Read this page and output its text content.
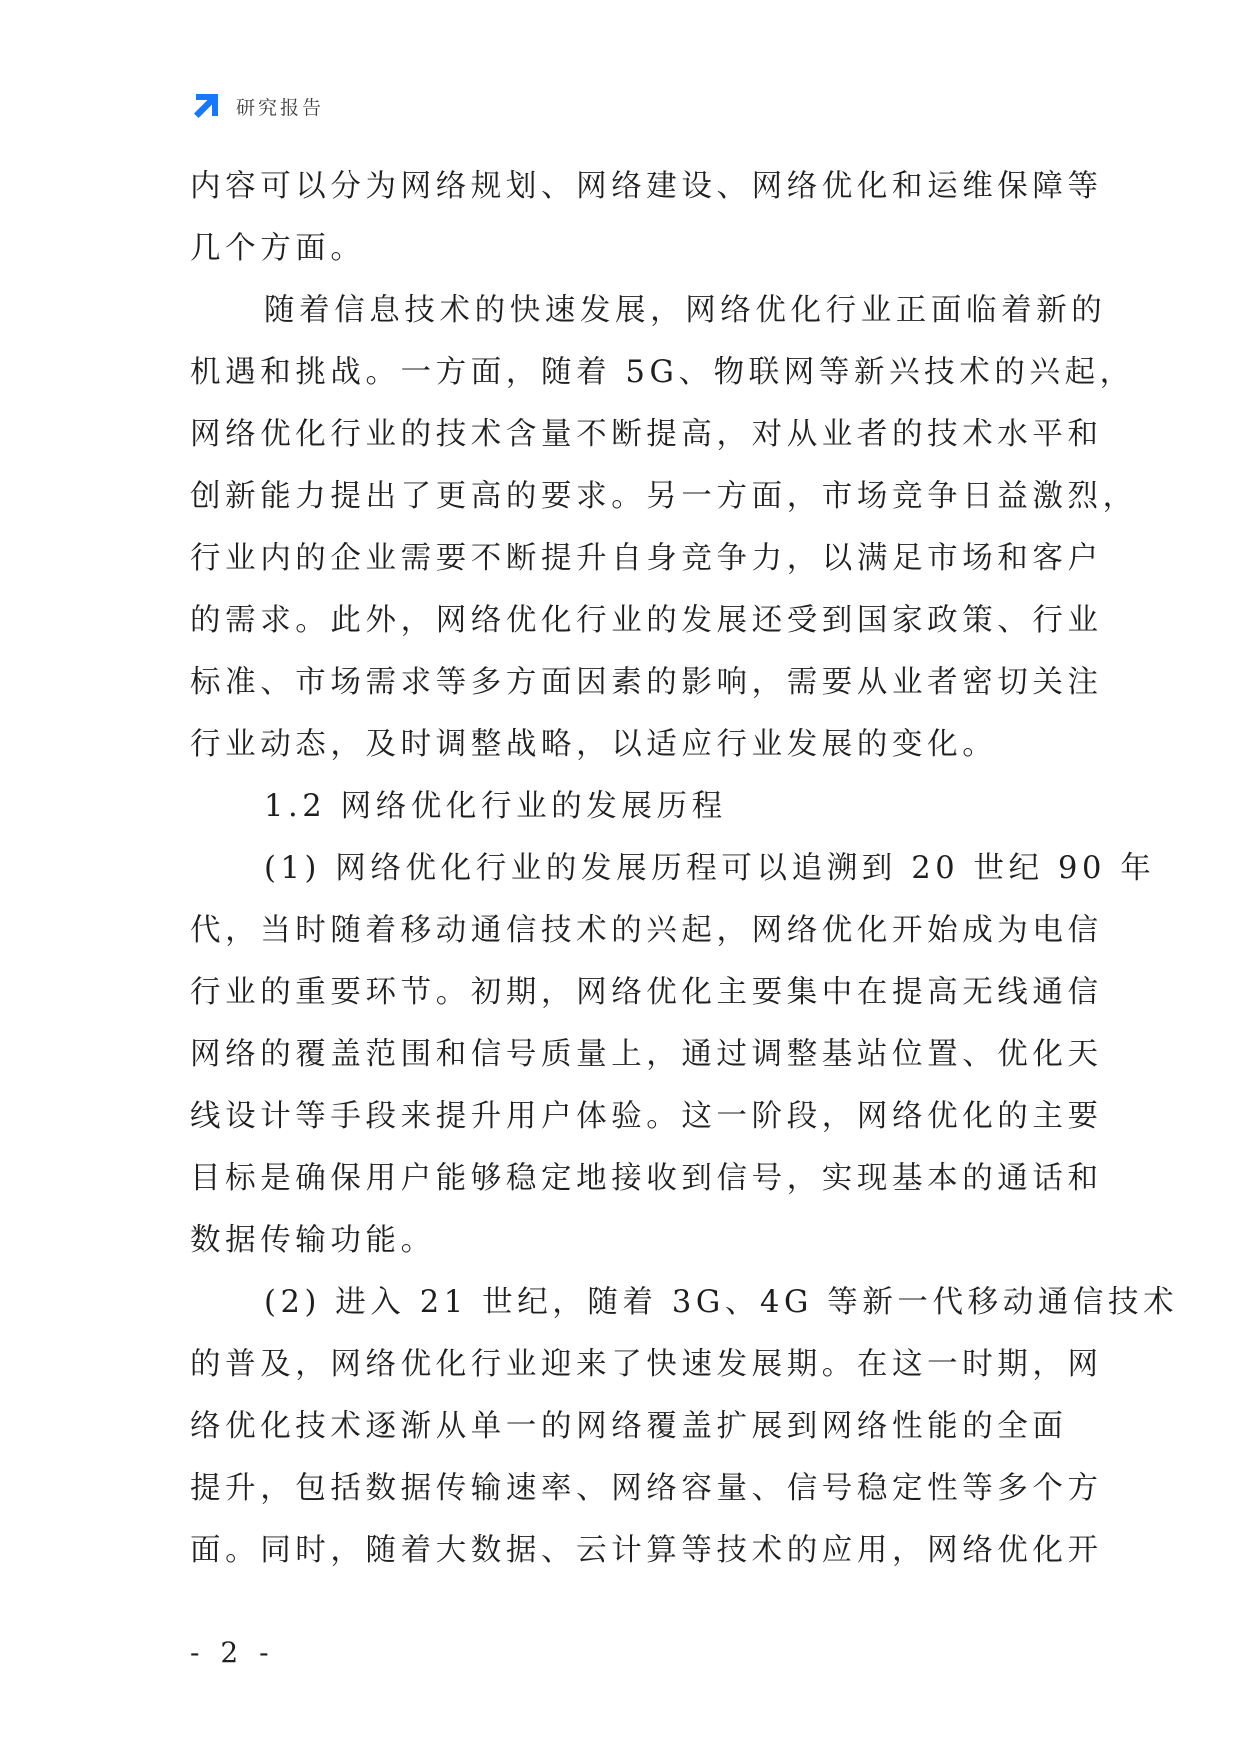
研究报告
内容可以分为网络规划、网络建设、网络优化和运维保障等
几个方面。
随着信息技术的快速发展，网络优化行业正面临着新的
机遇和挑战。一方面，随着 5G、物联网等新兴技术的兴起，
网络优化行业的技术含量不断提高，对从业者的技术水平和
创新能力提出了更高的要求。另一方面，市场竞争日益激烈，
行业内的企业需要不断提升自身竞争力，以满足市场和客户
的需求。此外，网络优化行业的发展还受到国家政策、行业
标准、市场需求等多方面因素的影响，需要从业者密切关注
行业动态，及时调整战略，以适应行业发展的变化。
1.2 网络优化行业的发展历程
(1) 网络优化行业的发展历程可以追溯到 20 世纪 90 年
代，当时随着移动通信技术的兴起，网络优化开始成为电信
行业的重要环节。初期，网络优化主要集中在提高无线通信
网络的覆盖范围和信号质量上，通过调整基站位置、优化天
线设计等手段来提升用户体验。这一阶段，网络优化的主要
目标是确保用户能够稳定地接收到信号，实现基本的通话和
数据传输功能。
(2) 进入 21 世纪，随着 3G、4G 等新一代移动通信技术
的普及，网络优化行业迎来了快速发展期。在这一时期，网
络优化技术逐渐从单一的网络覆盖扩展到网络性能的全面
提升，包括数据传输速率、网络容量、信号稳定性等多个方
面。同时，随着大数据、云计算等技术的应用，网络优化开
- 2 -
